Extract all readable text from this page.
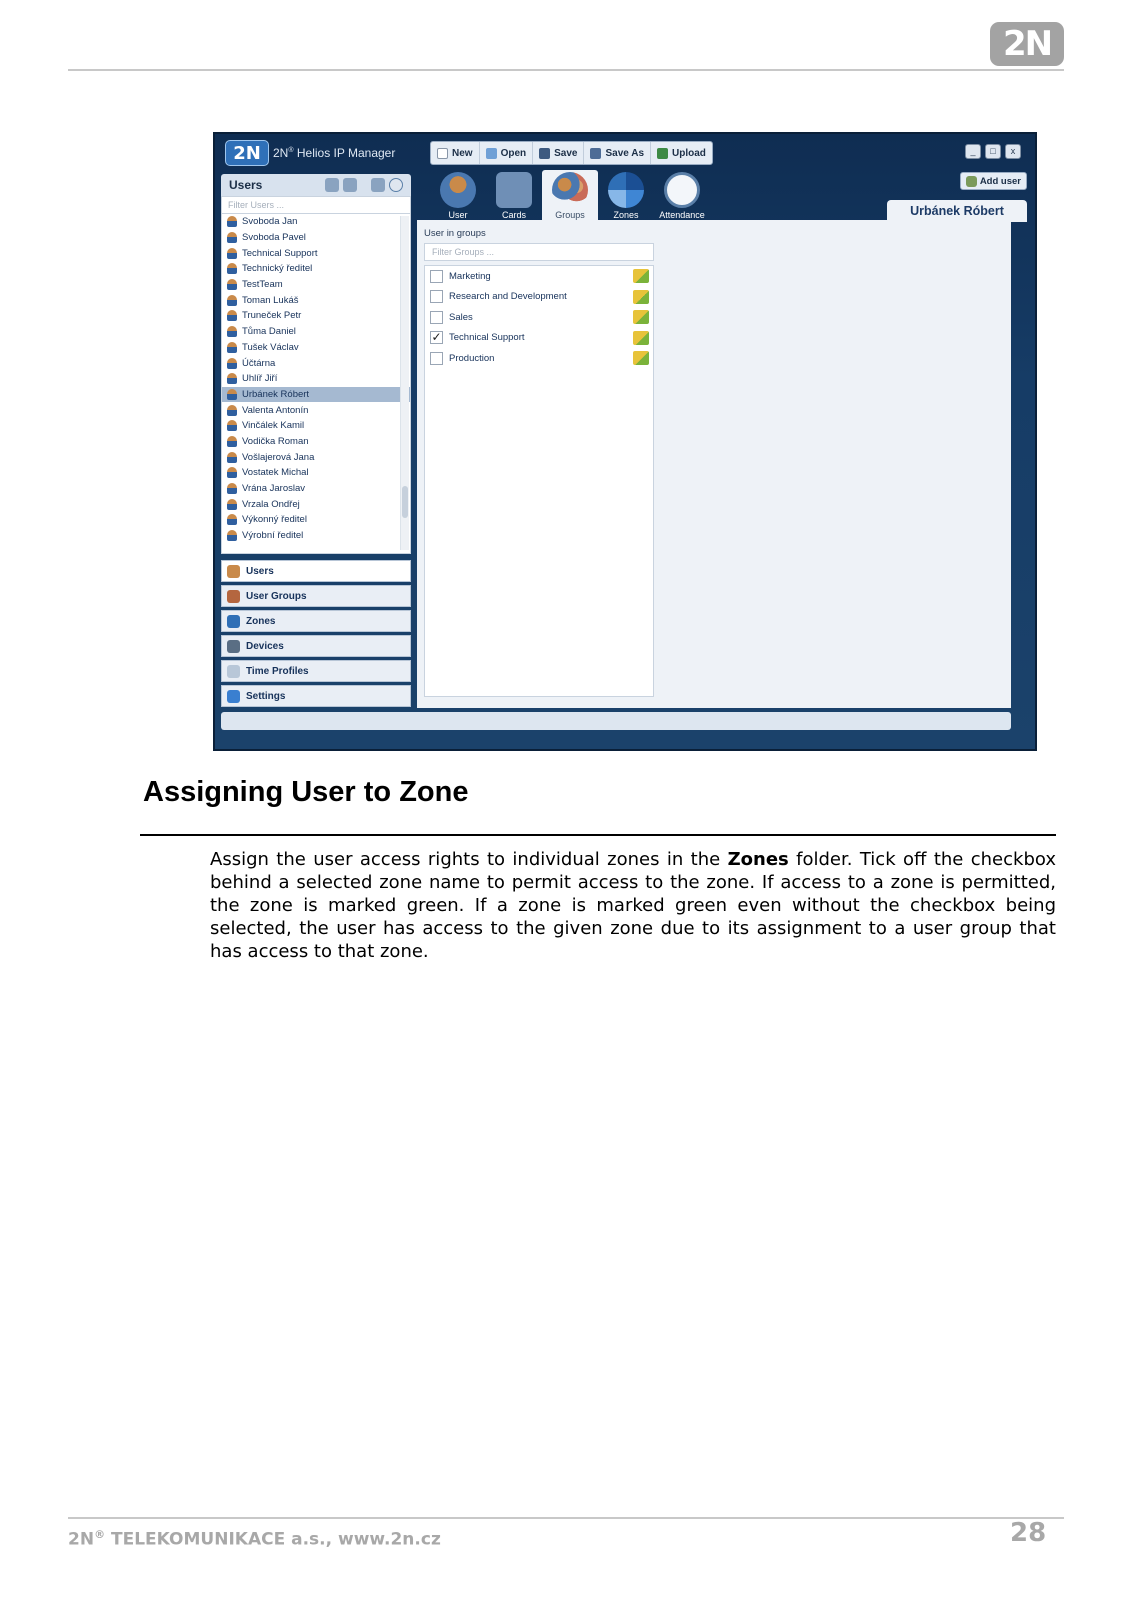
2N
2N	2N® Helios IP Manager	New	Open	Save	Save As	Upload	_	□	x
User	Cards	Groups	Zones Attendance
Add user
Urbánek Róbert
Users
Filter Users ...
Svoboda Jan
Svoboda Pavel
Technical Support
Technický ředitel
TestTeam
Toman Lukáš
Truneček Petr
Tůma Daniel
Tušek Václav
Účtárna
Uhlíř Jiří
Urbánek Róbert
Valenta Antonín
Vinčálek Kamil
Vodička Roman
Vošlajerová Jana
Vostatek Michal
Vrána Jaroslav
Vrzala Ondřej
Výkonný ředitel
Výrobní ředitel
Users
User Groups
Zones
Devices
Time Profiles
Settings
User in groups
Filter Groups ...
Marketing
Research and Development
Sales
✓ Technical Support
Production
Assigning User to Zone
Assign the user access rights to individual zones in the Zones folder. Tick off the checkbox behind a selected zone name to permit access to the zone. If access to a zone is permitted, the zone is marked green. If a zone is marked green even without the checkbox being selected, the user has access to the given zone due to its assignment to a user group that has access to that zone.
2N® TELEKOMUNIKACE a.s., www.2n.cz	28
